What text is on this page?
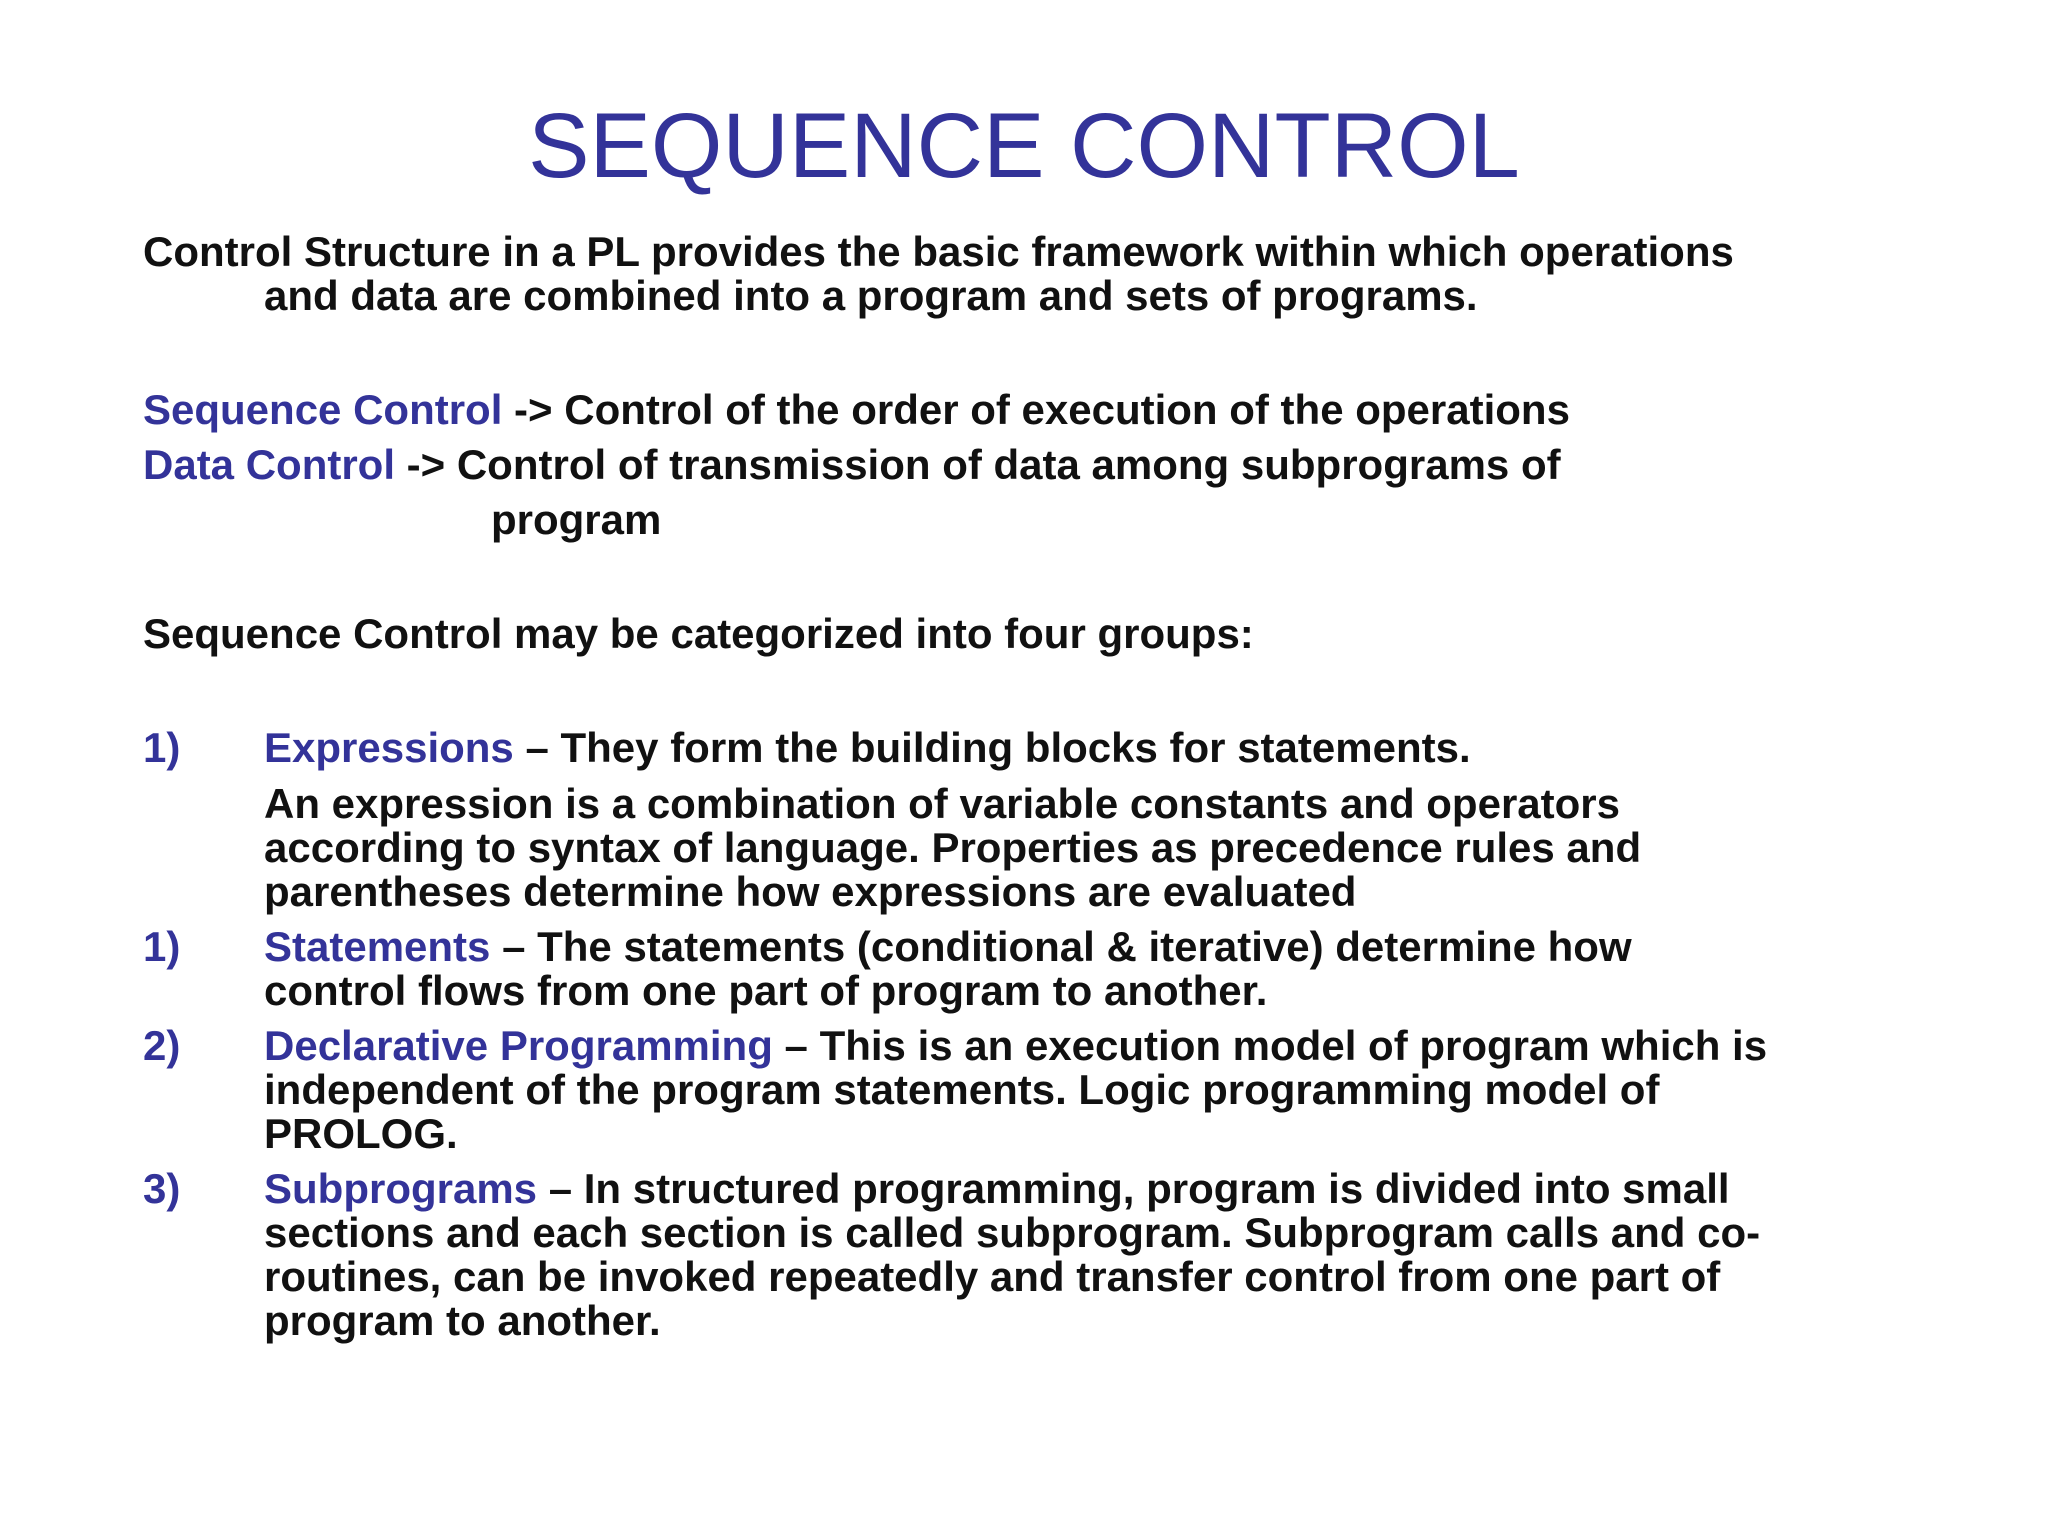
SEQUENCE CONTROL

Control Structure in a PL provides the basic framework within which operations

and data are combined into a program and sets of programs.

Sequence Control -> Control of the order of execution of the operations

Data Control -> Control of transmission of data among subprograms of

program

Sequence Control may be categorized into four groups:

1) Expressions – They form the building blocks for statements.

An expression is a combination of variable constants and operators

according to syntax of language. Properties as precedence rules and

parentheses determine how expressions are evaluated

1) Statements – The statements (conditional & iterative) determine how

control flows from one part of program to another.

2) Declarative Programming – This is an execution model of program which is

independent of the program statements. Logic programming model of

PROLOG.

3) Subprograms – In structured programming, program is divided into small

sections and each section is called subprogram. Subprogram calls and co-

routines, can be invoked repeatedly and transfer control from one part of

program to another.
